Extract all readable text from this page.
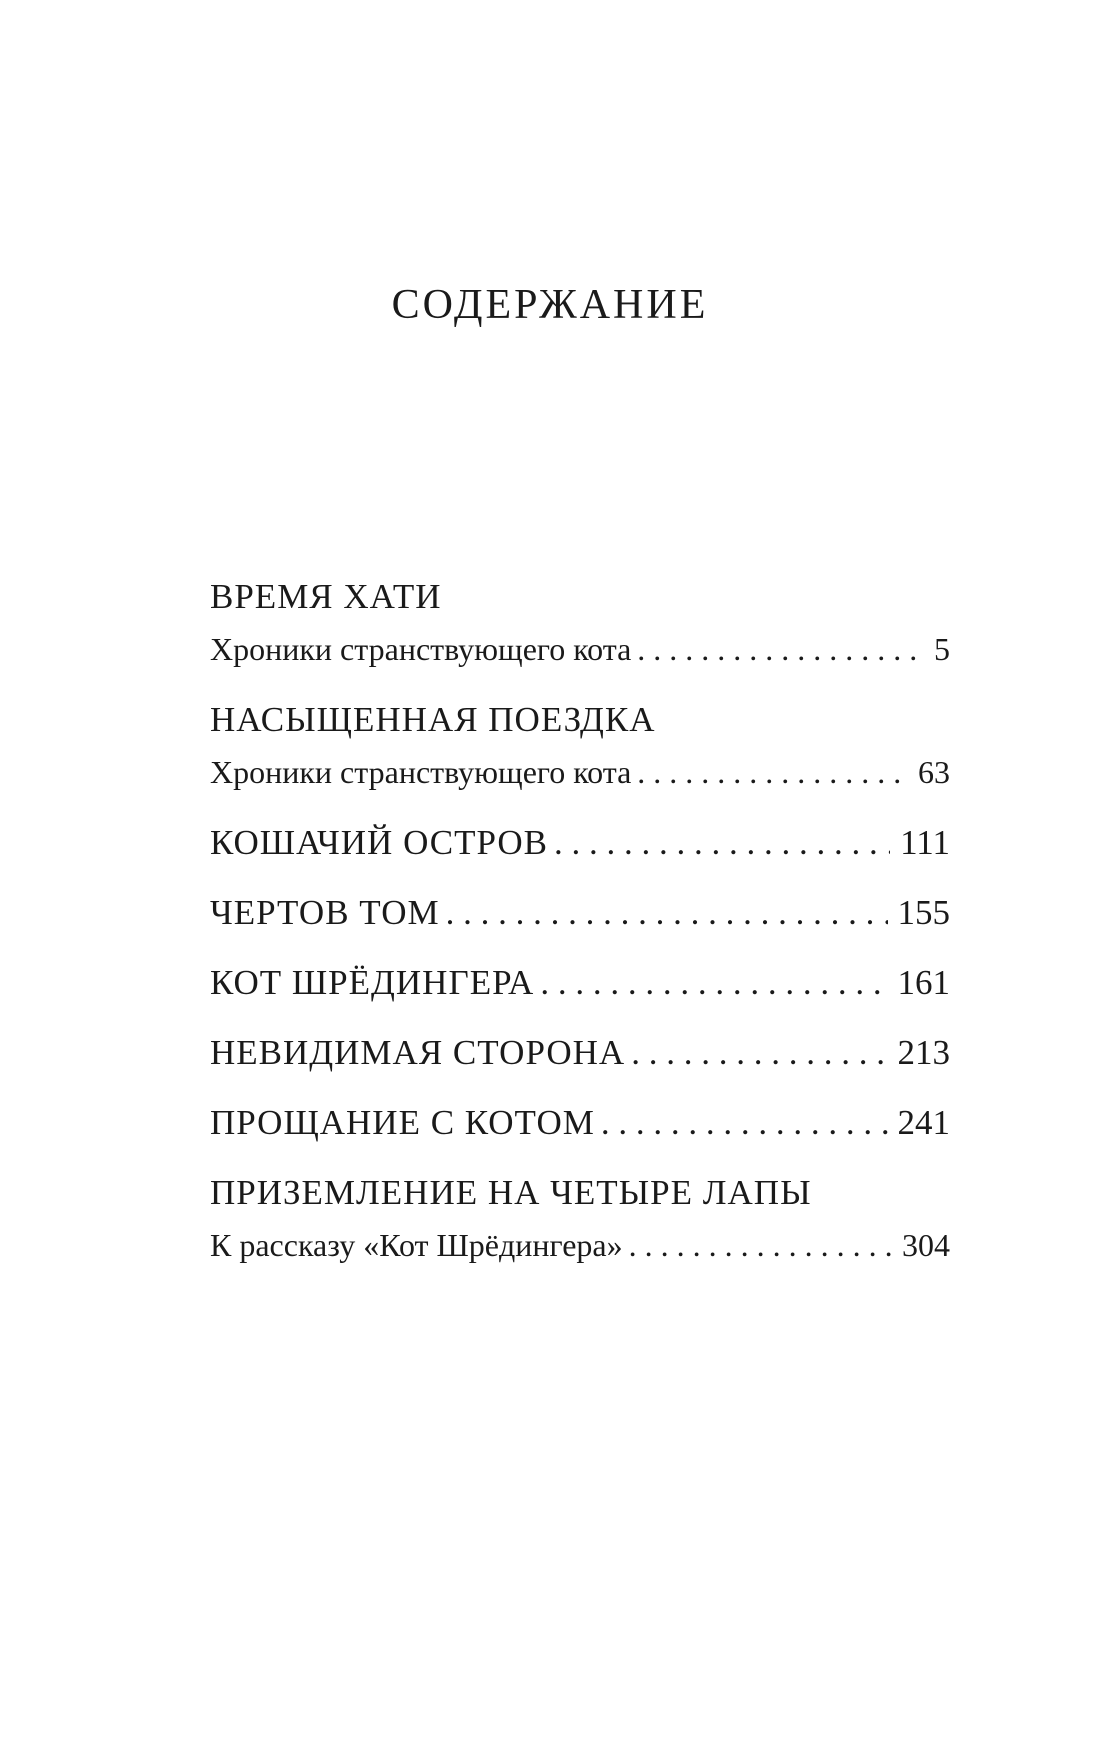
СОДЕРЖАНИЕ
ВРЕМЯ ХАТИ
Хроники странствующего кота . . .	5
НАСЫЩЕННАЯ ПОЕЗДКА
Хроники странствующего кота . . .	63
КОШАЧИЙ ОСТРОВ . . .	111
ЧЕРТОВ ТОМ . . .	155
КОТ ШРЁДИНГЕРА . . .	161
НЕВИДИМАЯ СТОРОНА . . .	213
ПРОЩАНИЕ С КОТОМ . . .	241
ПРИЗЕМЛЕНИЕ НА ЧЕТЫРЕ ЛАПЫ
К рассказу «Кот Шрёдингера» . . .	304
